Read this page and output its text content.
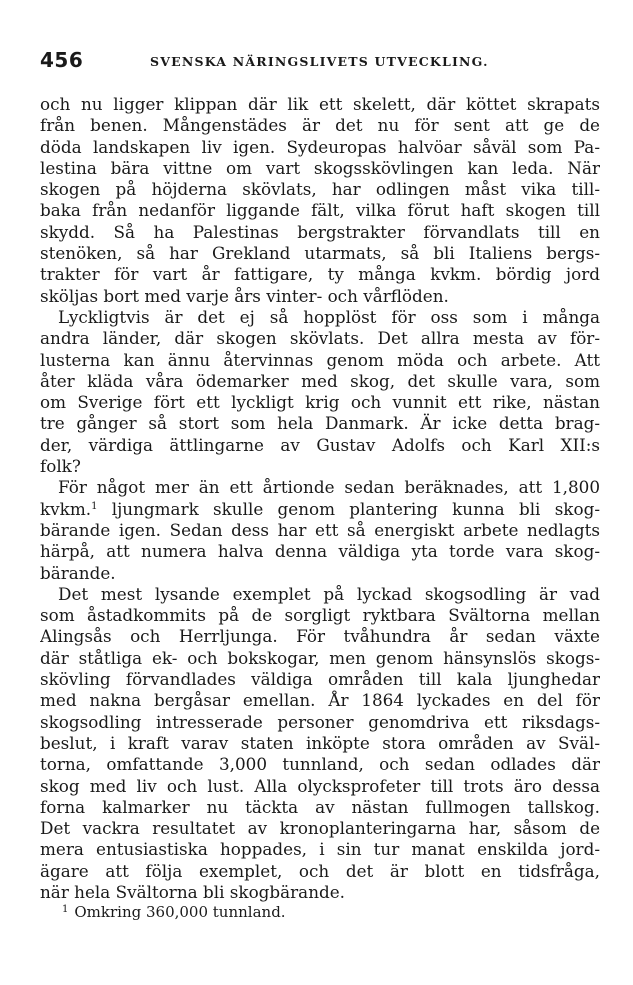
456	SVENSKA NÄRINGSLIVETS UTVECKLING.
och nu ligger klippan där lik ett skelett, där köttet skrapats
från benen. Mångenstädes är det nu för sent att ge de
döda landskapen liv igen. Sydeuropas halvöar såväl som Pa-
lestina bära vittne om vart skogsskövlingen kan leda. När
skogen på höjderna skövlats, har odlingen måst vika till-
baka från nedanför liggande fält, vilka förut haft skogen till
skydd. Så ha Palestinas bergstrakter förvandlats till en
stenöken, så har Grekland utarmats, så bli Italiens bergs-
trakter för vart år fattigare, ty många kvkm. bördig jord
sköljas bort med varje års vinter- och vårflöden.
Lyckligtvis är det ej så hopplöst för oss som i många
andra länder, där skogen skövlats. Det allra mesta av för-
lusterna kan ännu återvinnas genom möda och arbete. Att
åter kläda våra ödemarker med skog, det skulle vara, som
om Sverige fört ett lyckligt krig och vunnit ett rike, nästan
tre gånger så stort som hela Danmark. Är icke detta brag-
der, värdiga ättlingarne av Gustav Adolfs och Karl XII:s
folk?
För något mer än ett årtionde sedan beräknades, att 1,800
kvkm.$^1$ ljungmark skulle genom plantering kunna bli skog-
bärande igen. Sedan dess har ett så energiskt arbete nedlagts
härpå, att numera halva denna väldiga yta torde vara skog-
bärande.
Det mest lysande exemplet på lyckad skogsodling är vad
som åstadkommits på de sorgligt ryktbara Svältorna mellan
Alingsås och Herrljunga. För tvåhundra år sedan växte
där ståtliga ek- och bokskogar, men genom hänsynslös skogs-
skövling förvandlades väldiga områden till kala ljunghedar
med nakna bergåsar emellan. År 1864 lyckades en del för
skogsodling intresserade personer genomdriva ett riksdags-
beslut, i kraft varav staten inköpte stora områden av Sväl-
torna, omfattande 3,000 tunnland, och sedan odlades där
skog med liv och lust. Alla olycksprofeter till trots äro dessa
forna kalmarker nu täckta av nästan fullmogen tallskog.
Det vackra resultatet av kronoplanteringarna har, såsom de
mera entusiastiska hoppades, i sin tur manat enskilda jord-
ägare att följa exemplet, och det är blott en tidsfråga,
när hela Svältorna bli skogbärande.
$^1$ Omkring 360,000 tunnland.
